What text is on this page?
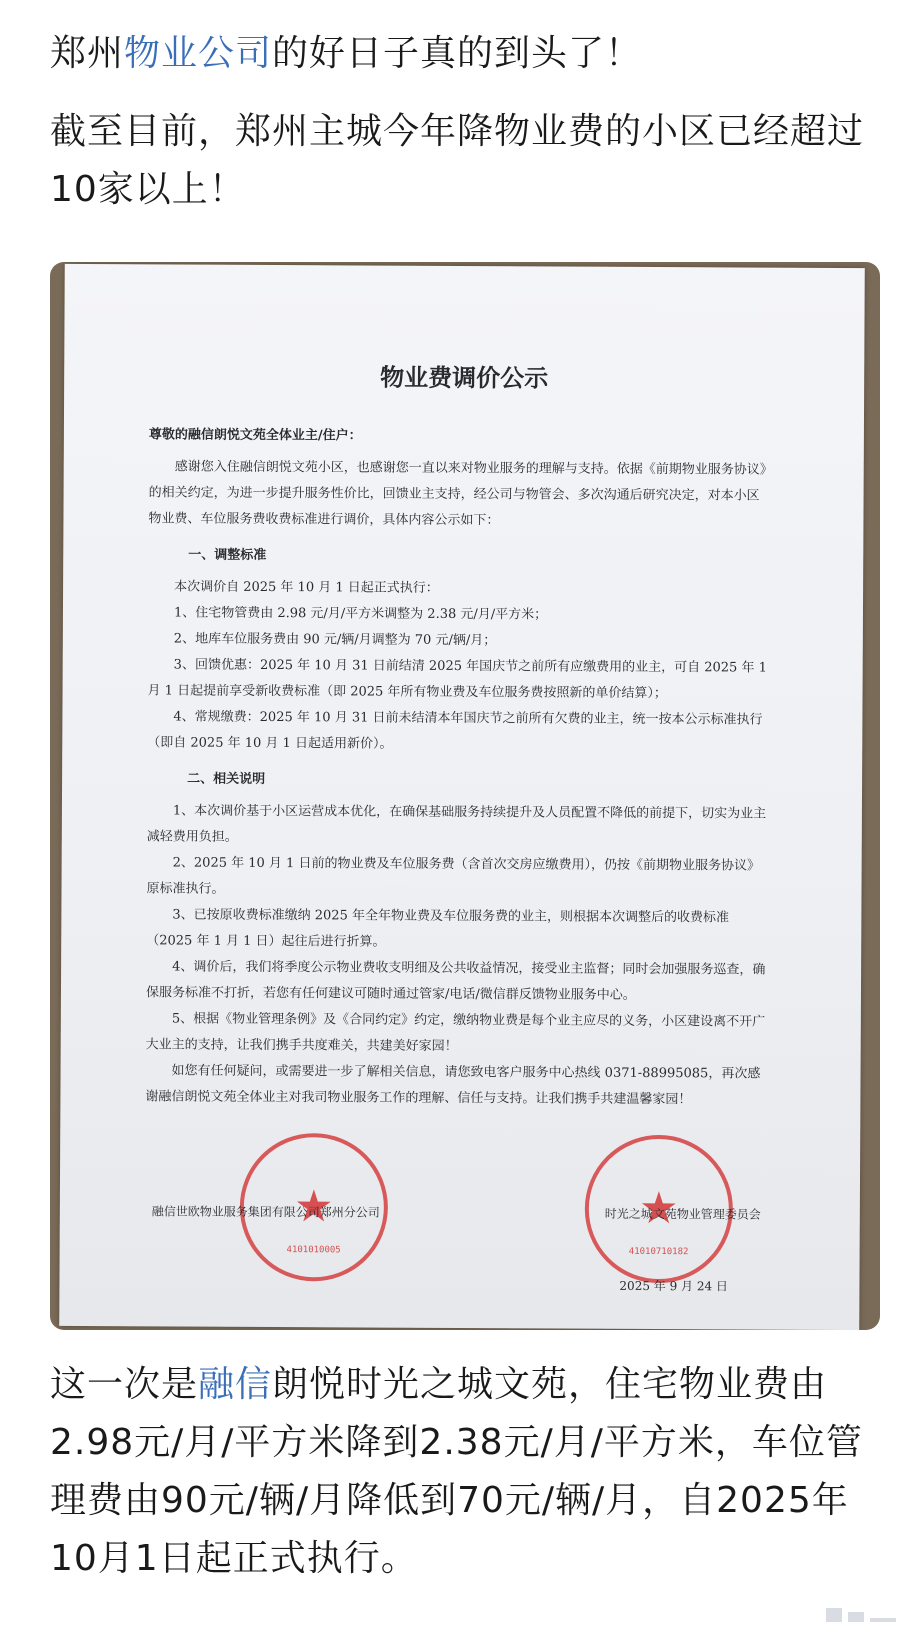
郑州物业公司的好日子真的到头了！
截至目前，郑州主城今年降物业费的小区已经超过10家以上！
物业费调价公示

尊敬的融信朗悦文苑全体业主/住户：

感谢您入住融信朗悦文苑小区，也感谢您一直以来对物业服务的理解与支持。依据《前期物业服务协议》的相关约定，为进一步提升服务性价比，回馈业主支持，经公司与物管会、多次沟通后研究决定，对本小区物业费、车位服务费收费标准进行调价，具体内容公示如下：

一、调整标准

本次调价自 2025 年 10 月 1 日起正式执行：

1、住宅物管费由 2.98 元/月/平方米调整为 2.38 元/月/平方米；

2、地库车位服务费由 90 元/辆/月调整为 70 元/辆/月；

3、回馈优惠：2025 年 10 月 31 日前结清 2025 年国庆节之前所有应缴费用的业主，可自 2025 年 1 月 1 日起提前享受新收费标准（即 2025 年所有物业费及车位服务费按照新的单价结算）；

4、常规缴费：2025 年 10 月 31 日前未结清本年国庆节之前所有欠费的业主，统一按本公示标准执行（即自 2025 年 10 月 1 日起适用新价）。

二、相关说明

1、本次调价基于小区运营成本优化，在确保基础服务持续提升及人员配置不降低的前提下，切实为业主减轻费用负担。

2、2025 年 10 月 1 日前的物业费及车位服务费（含首次交房应缴费用），仍按《前期物业服务协议》原标准执行。

3、已按原收费标准缴纳 2025 年全年物业费及车位服务费的业主，则根据本次调整后的收费标准（2025 年 1 月 1 日）起往后进行折算。

4、调价后，我们将季度公示物业费收支明细及公共收益情况，接受业主监督；同时会加强服务巡查，确保服务标准不打折，若您有任何建议可随时通过管家/电话/微信群反馈物业服务中心。

5、根据《物业管理条例》及《合同约定》约定，缴纳物业费是每个业主应尽的义务，小区建设离不开广大业主的支持，让我们携手共度难关，共建美好家园！

如您有任何疑问，或需要进一步了解相关信息，请您致电客户服务中心热线 0371-88995085，再次感谢融信朗悦文苑全体业主对我司物业服务工作的理解、信任与支持。让我们携手共建温馨家园！

★
4101010005
★
41010710182
融信世欧物业服务集团有限公司郑州分公司	时光之城文苑物业管理委员会
2025 年 9 月 24 日
这一次是融信朗悦时光之城文苑，住宅物业费由2.98元/月/平方米降到2.38元/月/平方米，车位管理费由90元/辆/月降低到70元/辆/月，自2025年10月1日起正式执行。
